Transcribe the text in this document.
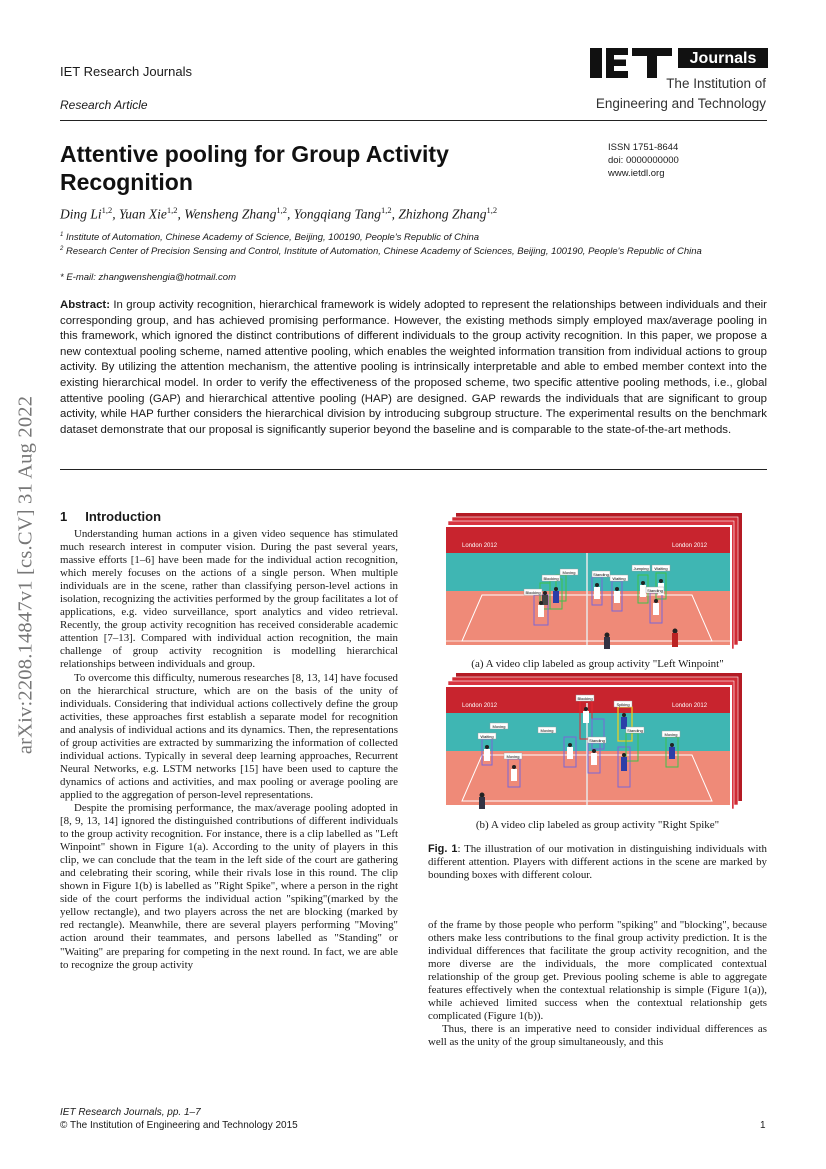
IET Research Journals
Research Article
Journals
The Institution of
Engineering and Technology
Attentive pooling for Group Activity Recognition
ISSN 1751-8644
doi: 0000000000
www.ietdl.org
Ding Li$^{1,2}$, Yuan Xie$^{1,2}$, Wensheng Zhang$^{1,2}$, Yongqiang Tang$^{1,2}$, Zhizhong Zhang$^{1,2}$
$^1$ Institute of Automation, Chinese Academy of Science, Beijing, 100190, People's Republic of China
$^2$ Research Center of Precision Sensing and Control, Institute of Automation, Chinese Academy of Sciences, Beijing, 100190, People's Republic of China
* E-mail: zhangwenshengia@hotmail.com
Abstract: In group activity recognition, hierarchical framework is widely adopted to represent the relationships between individuals and their corresponding group, and has achieved promising performance. However, the existing methods simply employed max/average pooling in this framework, which ignored the distinct contributions of different individuals to the group activity recognition. In this paper, we propose a new contextual pooling scheme, named attentive pooling, which enables the weighted information transition from individual actions to group activity. By utilizing the attention mechanism, the attentive pooling is intrinsically interpretable and able to embed member context into the existing hierarchical model. In order to verify the effectiveness of the proposed scheme, two specific attentive pooling methods, i.e., global attentive pooling (GAP) and hierarchical attentive pooling (HAP) are designed. GAP rewards the individuals that are significant to group activity, while HAP further considers the hierarchical division by introducing subgroup structure. The experimental results on the benchmark dataset demonstrate that our proposal is significantly superior beyond the baseline and is comparable to the state-of-the-art methods.
arXiv:2208.14847v1 [cs.CV] 31 Aug 2022 1 Introduction

Understanding human actions in a given video sequence has stimulated much research interest in computer vision. During the past several years, massive efforts [1–6] have been made for the individual action recognition, which merely focuses on the actions of a single person. When multiple individuals are in the scene, rather than classifying person-level actions in isolation, recognizing the activities performed by the group facilitates a lot of applications, e.g. video surveillance, sport analytics and video retrieval. Recently, the group activity recognition has received considerable academic attention [7–13]. Compared with individual action recognition, the main challenge of group activity recognition is modelling hierarchical relationships between individuals and group.

To overcome this difficulty, numerous researches [8, 13, 14] have focused on the hierarchical structure, which are on the basis of the unity of individuals. Considering that individual actions collectively define the group activities, these approaches first establish a separate model for recognition and analysis of individual actions and its dynamics. Then, the representations of group activities are extracted by summarizing the information of collected individual actions. Typically in several deep learning approaches, Recurrent Neural Networks, e.g. LSTM networks [15] have been used to capture the dynamics of actions and activities, and max pooling or average pooling are applied to the aggregation of person-level representations.

Despite the promising performance, the max/average pooling adopted in [8, 9, 13, 14] ignored the distinguished contributions of different individuals to the group activity recognition. For instance, there is a clip labelled as "Left Winpoint" shown in Figure 1(a). According to the unity of players in this clip, we can conclude that the team in the left side of the court are gathering and celebrating their scoring, while their rivals lose in this round. The clip shown in Figure 1(b) is labelled as "Right Spike", where a person in the right side of the court performs the individual action "spiking"(marked by the yellow rectangle), and two players across the net are blocking (marked by red rectangle). Meanwhile, there are several players performing "Moving" action around their teammates, and persons labelled as "Standing" or "Waiting" are preparing for competing in the next round. In fact, we are able to recognize the group activity

London 2012	London 2012
Moving
Blocking
Standing
Jumping
Waiting
Waiting
Standing
Blocking
(a) A video clip labeled as group activity "Left Winpoint"
London 2012	London 2012
Blocking
Spiking
Moving
Moving	Standing
Waiting
Moving
Moving
Standing
(b) A video clip labeled as group activity "Right Spike"
Fig. 1: The illustration of our motivation in distinguishing individuals with different attention. Players with different actions in the scene are marked by bounding boxes with different colour.

of the frame by those people who perform "spiking" and "blocking", because others make less contributions to the final group activity prediction. It is the individual differences that facilitate the group activity recognition, and the more diverse are the individuals, the more complicated contextual relationship of the group get. Previous pooling scheme is able to aggregate features effectively when the contextual relationship is simple (Figure 1(a)), while achieved limited success when the contextual relationship gets complicated (Figure 1(b)).

Thus, there is an imperative need to consider individual differences as well as the unity of the group simultaneously, and this

IET Research Journals, pp. 1–7
© The Institution of Engineering and Technology 2015	1
